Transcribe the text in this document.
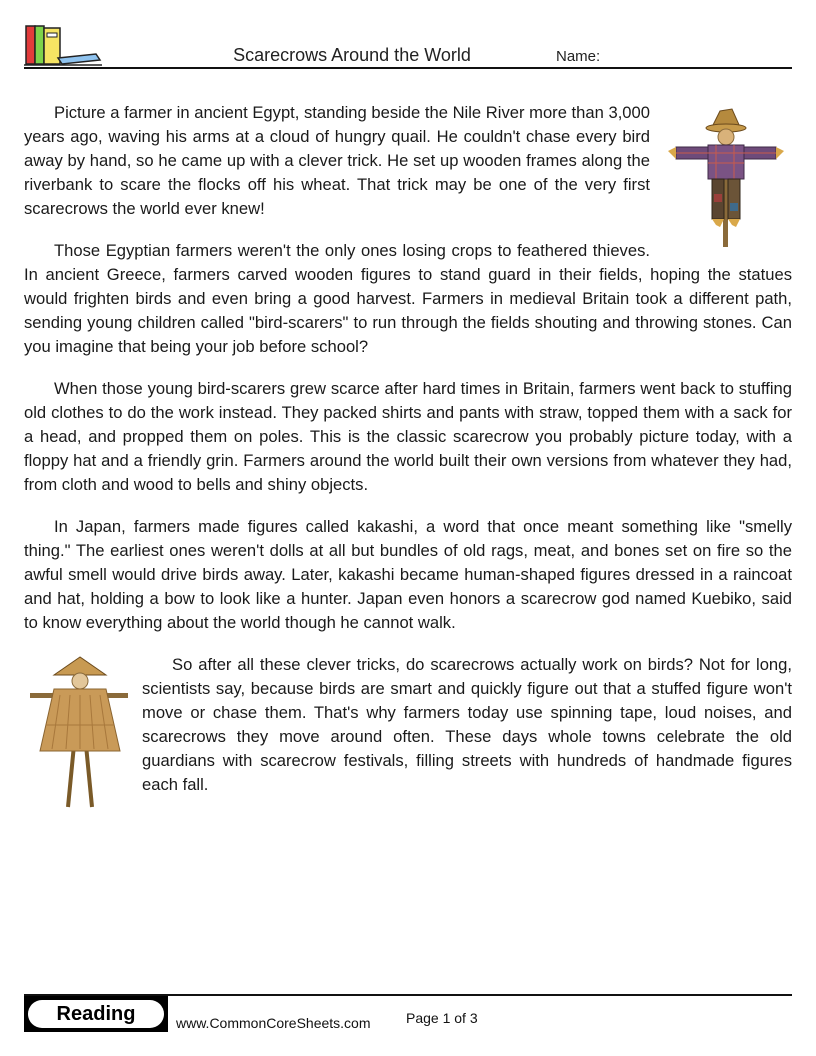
Scarecrows Around the World	Name:

Picture a farmer in ancient Egypt, standing beside the Nile River more than 3,000 years ago, waving his arms at a cloud of hungry quail. He couldn't chase every bird away by hand, so he came up with a clever trick. He set up wooden frames along the riverbank to scare the flocks off his wheat. That trick may be one of the very first scarecrows the world ever knew!

Those Egyptian farmers weren't the only ones losing crops to feathered thieves. In ancient Greece, farmers carved wooden figures to stand guard in their fields, hoping the statues would frighten birds and even bring a good harvest. Farmers in medieval Britain took a different path, sending young children called "bird-scarers" to run through the fields shouting and throwing stones. Can you imagine that being your job before school?

When those young bird-scarers grew scarce after hard times in Britain, farmers went back to stuffing old clothes to do the work instead. They packed shirts and pants with straw, topped them with a sack for a head, and propped them on poles. This is the classic scarecrow you probably picture today, with a floppy hat and a friendly grin. Farmers around the world built their own versions from whatever they had, from cloth and wood to bells and shiny objects.

In Japan, farmers made figures called kakashi, a word that once meant something like "smelly thing." The earliest ones weren't dolls at all but bundles of old rags, meat, and bones set on fire so the awful smell would drive birds away. Later, kakashi became human-shaped figures dressed in a raincoat and hat, holding a bow to look like a hunter. Japan even honors a scarecrow god named Kuebiko, said to know everything about the world though he cannot walk.

So after all these clever tricks, do scarecrows actually work on birds? Not for long, scientists say, because birds are smart and quickly figure out that a stuffed figure won't move or chase them. That's why farmers today use spinning tape, loud noises, and scarecrows they move around often. These days whole towns celebrate the old guardians with scarecrow festivals, filling streets with hundreds of handmade figures each fall.

Reading	www.CommonCoreSheets.com	Page 1 of 3
